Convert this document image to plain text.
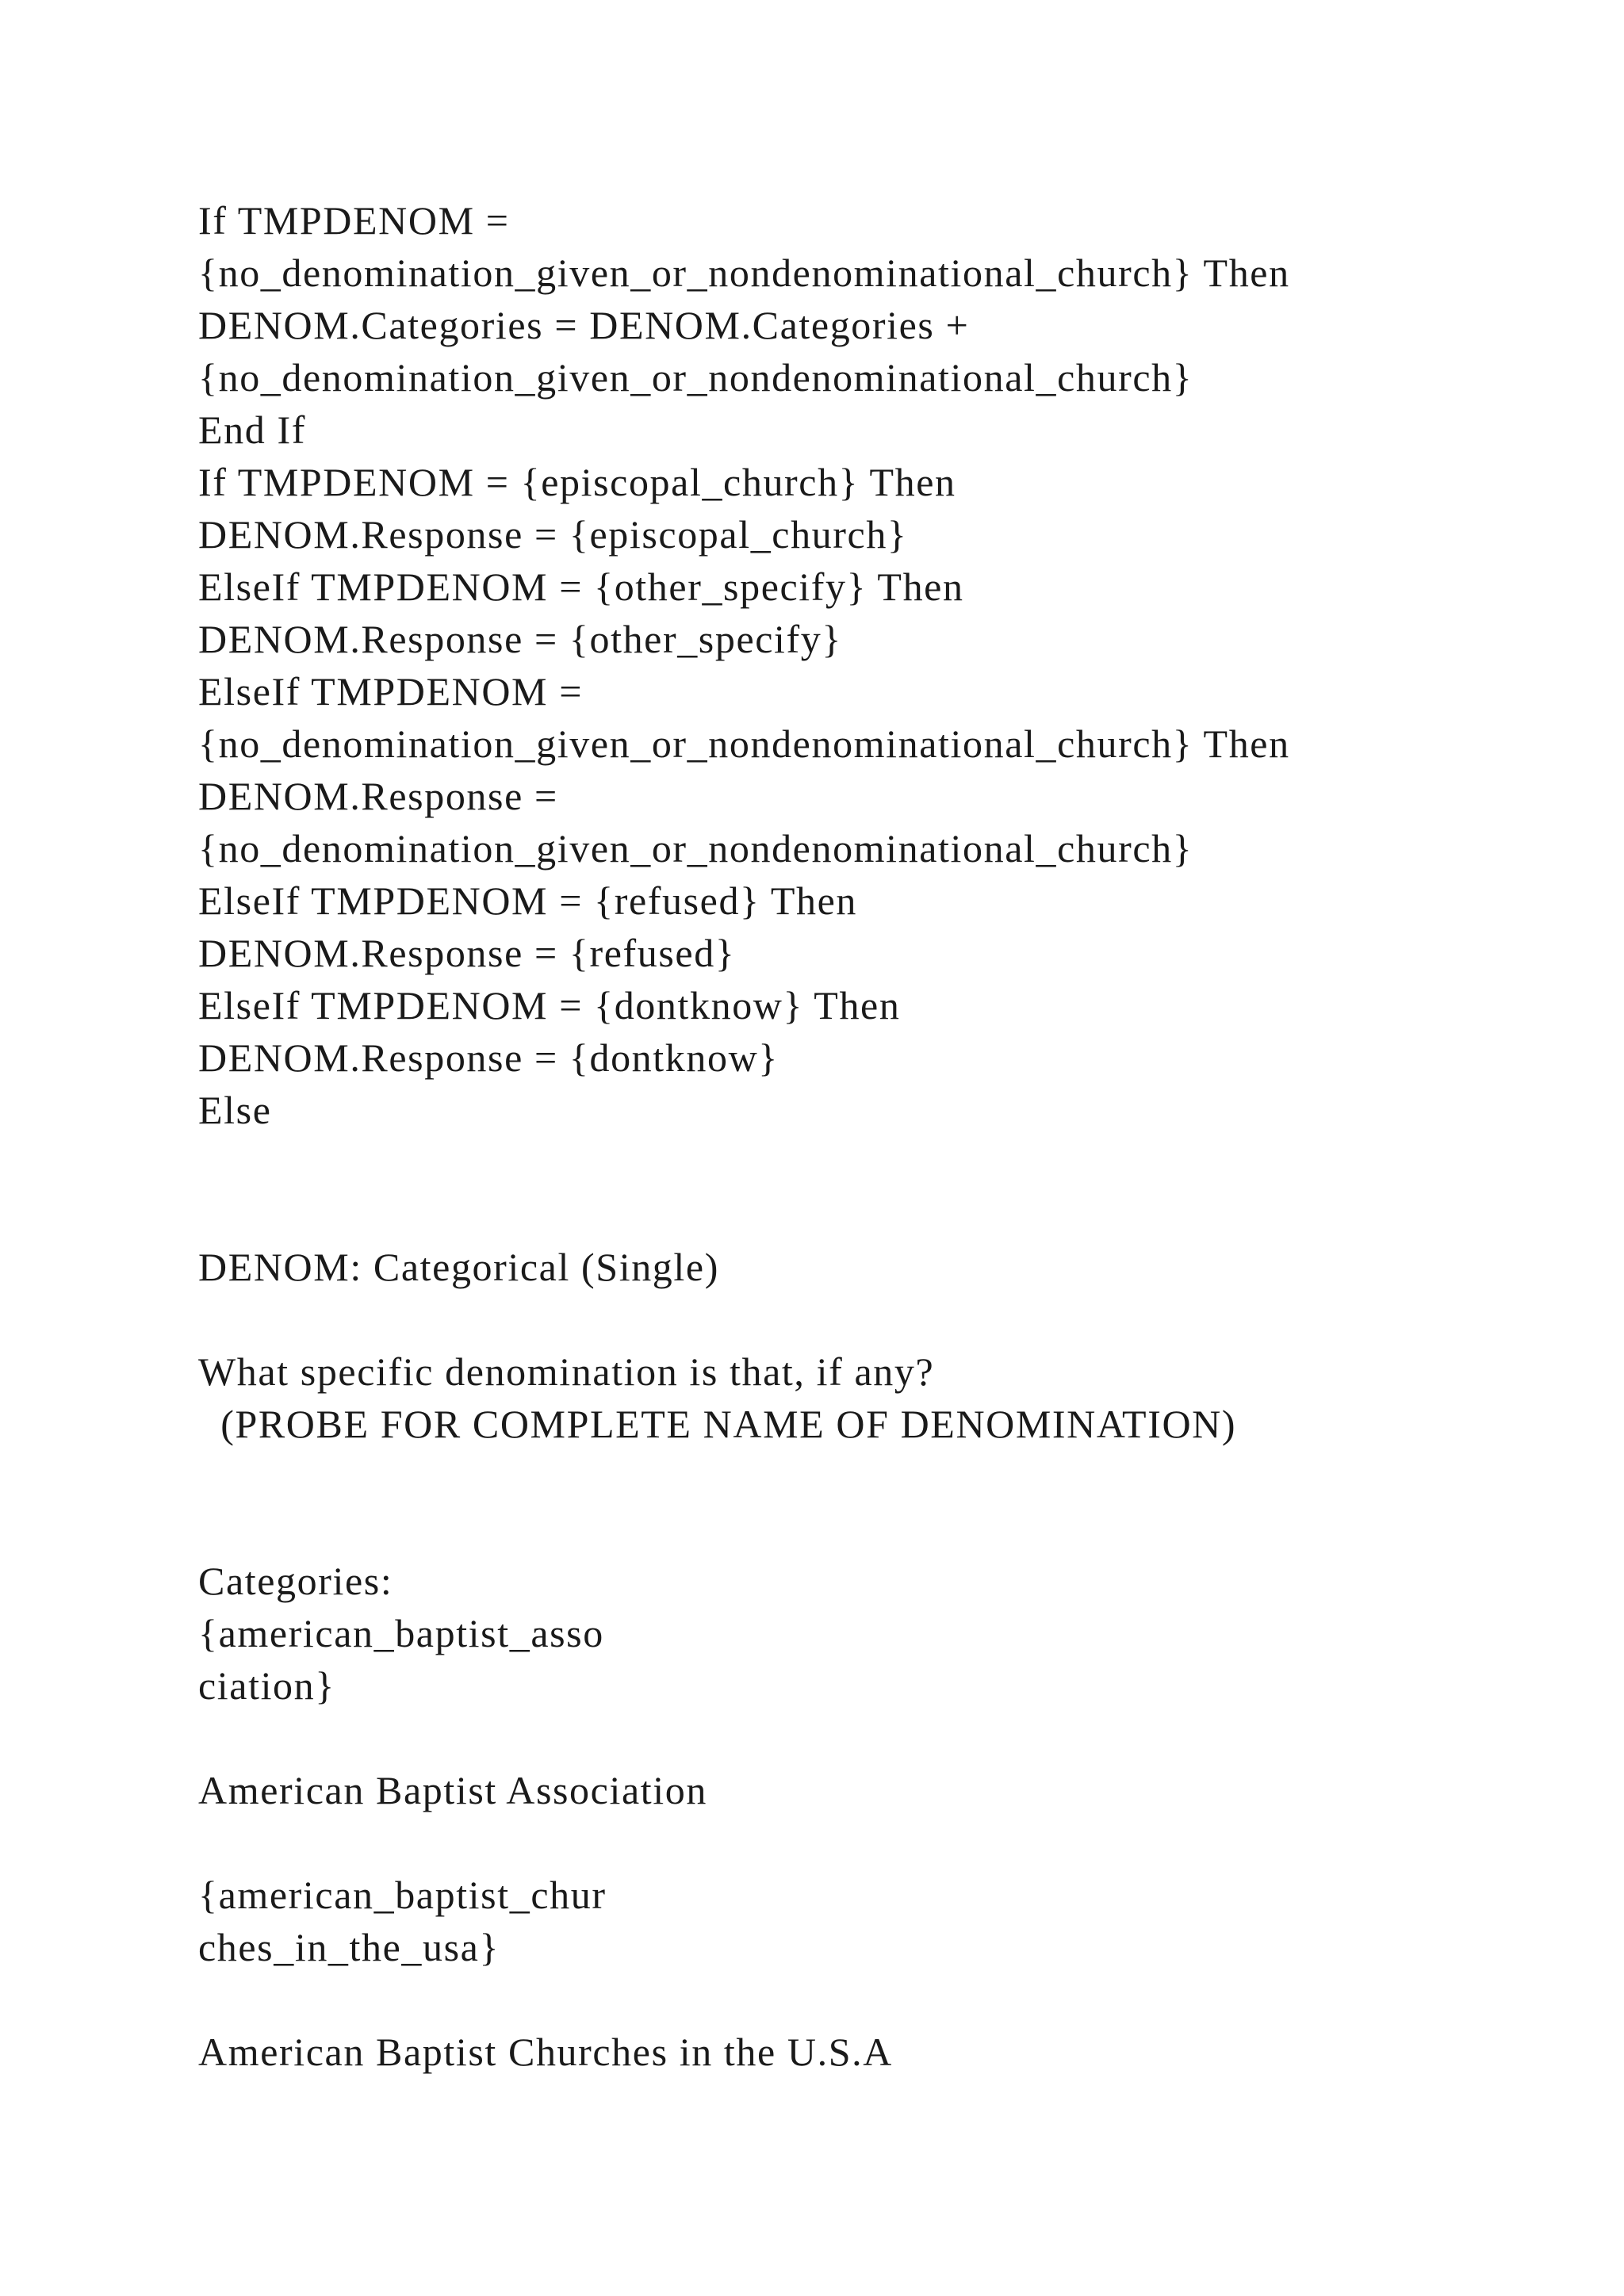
If TMPDENOM =
{no_denomination_given_or_nondenominational_church} Then
DENOM.Categories = DENOM.Categories +
{no_denomination_given_or_nondenominational_church}
End If
If TMPDENOM = {episcopal_church} Then
DENOM.Response = {episcopal_church}
ElseIf TMPDENOM = {other_specify} Then
DENOM.Response = {other_specify}
ElseIf TMPDENOM =
{no_denomination_given_or_nondenominational_church} Then
DENOM.Response =
{no_denomination_given_or_nondenominational_church}
ElseIf TMPDENOM = {refused} Then
DENOM.Response = {refused}
ElseIf TMPDENOM = {dontknow} Then
DENOM.Response = {dontknow}
Else
DENOM: Categorical (Single)
What specific denomination is that, if any?
(PROBE FOR COMPLETE NAME OF DENOMINATION)
Categories:
{american_baptist_asso
ciation}
American Baptist Association
{american_baptist_chur
ches_in_the_usa}
American Baptist Churches in the U.S.A
